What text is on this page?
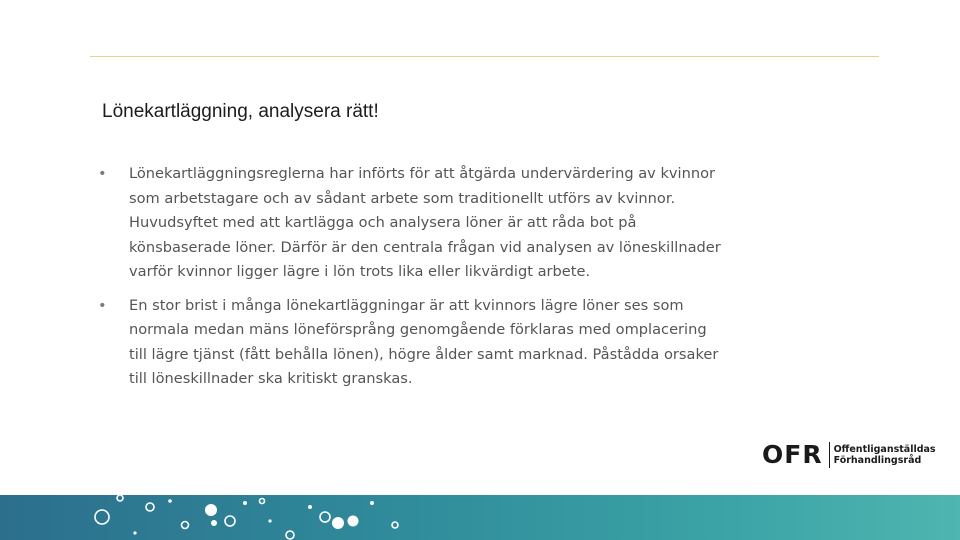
Lönekartläggning, analysera rätt!
• Lönekartläggningsreglerna har införts för att åtgärda undervärdering av kvinnor
som arbetstagare och av sådant arbete som traditionellt utförs av kvinnor.
Huvudsyftet med att kartlägga och analysera löner är att råda bot på
könsbaserade löner. Därför är den centrala frågan vid analysen av löneskillnader
varför kvinnor ligger lägre i lön trots lika eller likvärdigt arbete.
• En stor brist i många lönekartläggningar är att kvinnors lägre löner ses som
normala medan mäns löneförsprång genomgående förklaras med omplacering
till lägre tjänst (fått behålla lönen), högre ålder samt marknad. Påstådda orsaker
till löneskillnader ska kritiskt granskas.
OFR Offentliganställdas
Förhandlingsråd
